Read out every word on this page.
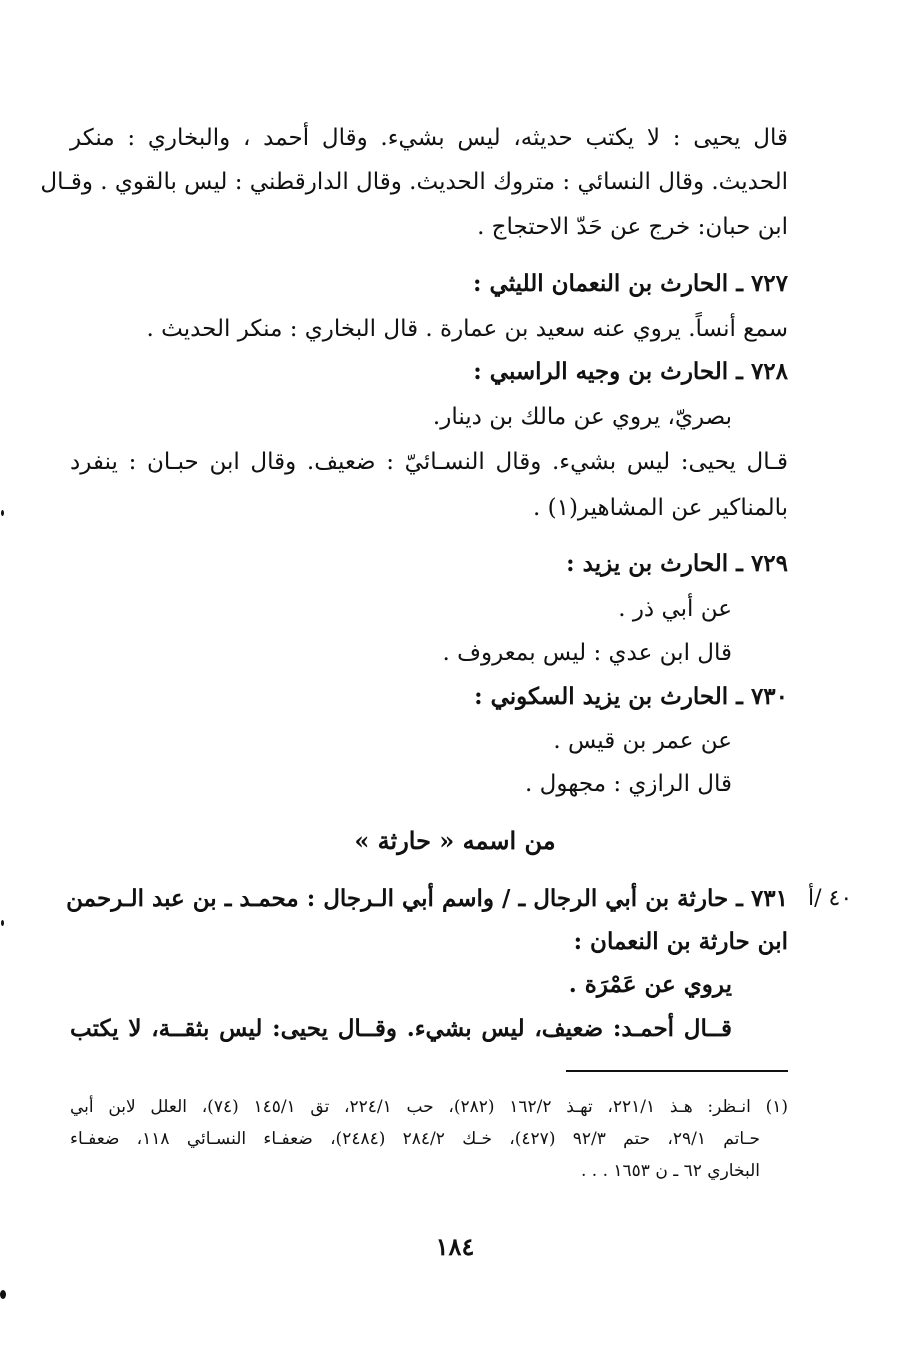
قال يحيى : لا يكتب حديثه، ليس بشيء. وقال أحمد ، والبخاري : منكر
الحديث. وقال النسائي : متروك الحديث. وقال الدارقطني : ليس بالقوي . وقـال
ابن حبان: خرج عن حَدّ الاحتجاج .
٧٢٧ ـ الحارث بن النعمان الليثي :
سمع أنساً. يروي عنه سعيد بن عمارة . قال البخاري : منكر الحديث .
٧٢٨ ـ الحارث بن وجيه الراسبي :
بصريّ، يروي عن مالك بن دينار.
قـال يحيى: ليس بشيء. وقال النسـائيّ : ضعيف. وقال ابن حبـان : ينفرد
بالمناكير عن المشاهير(١) .
٧٢٩ ـ الحارث بن يزيد :
عن أبي ذر .
قال ابن عدي : ليس بمعروف .
٧٣٠ ـ الحارث بن يزيد السكوني :
عن عمر بن قيس .
قال الرازي : مجهول .
من اسمه « حارثة »
٤٠ /أ
٧٣١ ـ حارثة بن أبي الرجال ـ / واسم أبي الـرجال : محمـد ـ بن عبد الـرحمن
ابن حارثة بن النعمان :
يروي عن عَمْرَة .
قــال أحمـد: ضعيف، ليس بشيء. وقــال يحيى: ليس بثقــة، لا يكتب
(١) انـظر: هـذ ٢٢١/١، تهـذ ١٦٢/٢ (٢٨٢)، حب ٢٢٤/١، تق ١٤٥/١ (٧٤)، العلل لابن أبي
حـاتم ٢٩/١، حتم ٩٢/٣ (٤٢٧)، خـك ٢٨٤/٢ (٢٤٨٤)، ضعفـاء النسـائي ١١٨، ضعفـاء
البخاري ٦٢ ـ ن ١٦٥٣ . . .
١٨٤
